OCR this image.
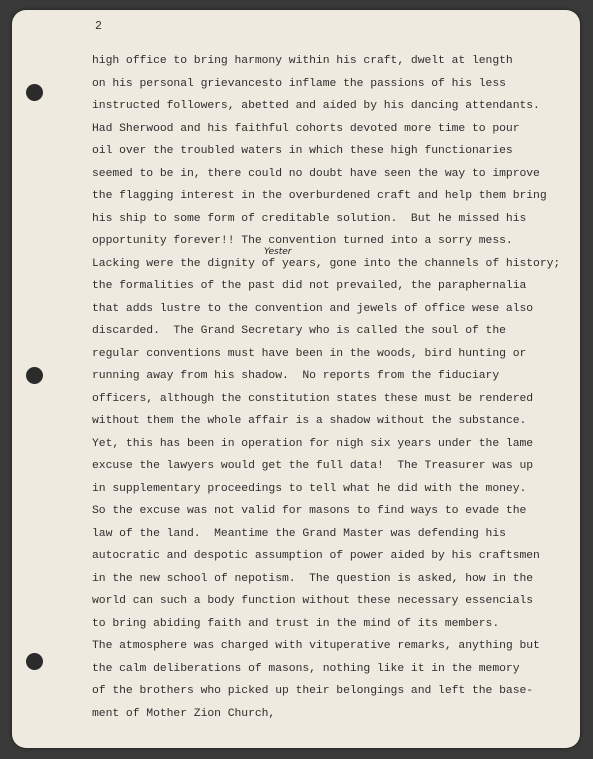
2
Yester
high office to bring harmony within his craft, dwelt at length
on his personal grievancesto inflame the passions of his less
instructed followers, abetted and aided by his dancing attendants.
Had Sherwood and his faithful cohorts devoted more time to pour
oil over the troubled waters in which these high functionaries
seemed to be in, there could no doubt have seen the way to improve
the flagging interest in the overburdened craft and help them bring
his ship to some form of creditable solution.  But he missed his
opportunity forever!! The convention turned into a sorry mess.
Lacking were the dignity of years, gone into the channels of history;
the formalities of the past did not prevailed, the paraphernalia
that adds lustre to the convention and jewels of office wese also
discarded.  The Grand Secretary who is called the soul of the
regular conventions must have been in the woods, bird hunting or
running away from his shadow.  No reports from the fiduciary
officers, although the constitution states these must be rendered
without them the whole affair is a shadow without the substance.
Yet, this has been in operation for nigh six years under the lame
excuse the lawyers would get the full data!  The Treasurer was up
in supplementary proceedings to tell what he did with the money.
So the excuse was not valid for masons to find ways to evade the
law of the land.  Meantime the Grand Master was defending his
autocratic and despotic assumption of power aided by his craftsmen
in the new school of nepotism.  The question is asked, how in the
world can such a body function without these necessary essencials
to bring abiding faith and trust in the mind of its members.
The atmosphere was charged with vituperative remarks, anything but
the calm deliberations of masons, nothing like it in the memory
of the brothers who picked up their belongings and left the base-
ment of Mother Zion Church,
